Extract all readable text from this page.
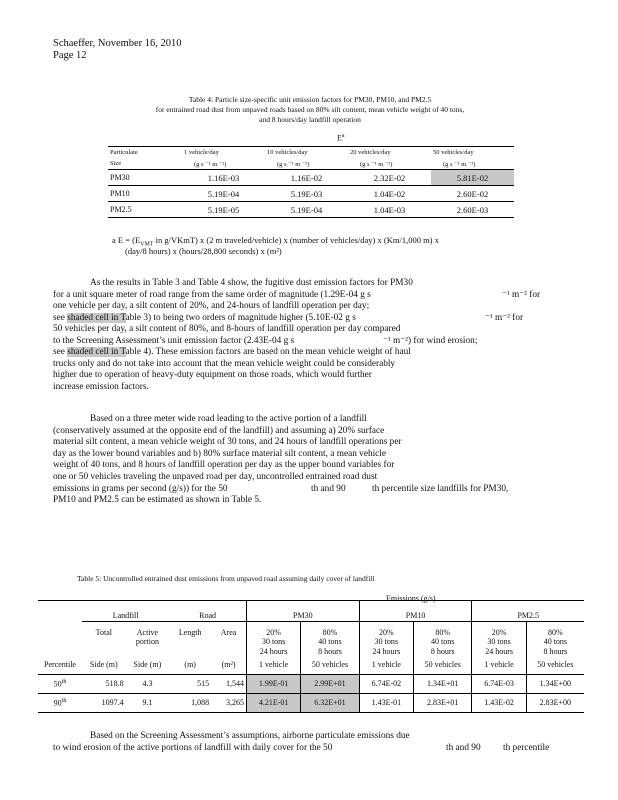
Schaeffer, November 16, 2010
Page 12
Table 4: Particle size-specific unit emission factors for PM30, PM10, and PM2.5
for entrained road dust from unpaved roads based on 80% silt content, mean vehicle weight of 40 tons,
and 8 hours/day landfill operation
$E^a$
Particulate	1 vehicle/day	10 vehicles/day	20 vehicles/day	50 vehicles/day
Size	(g s ⁻¹ m ⁻²)	(g s ⁻¹ m ⁻²)	(g s ⁻¹ m ⁻²)	(g s ⁻¹ m ⁻²)
PM30	1.16E-03	1.16E-02	2.32E-02	5.81E-02
PM10	5.19E-04	5.19E-03	1.04E-02	2.60E-02
PM2.5	5.19E-05	5.19E-04	1.04E-03	2.60E-03
a $E = (E_{VMT}$ in g/VKmT) x (2 m traveled/vehicle) x (number of vehicles/day) x (Km/1,000 m) x
(day/8 hours) x (hours/28,800 seconds) x (m²)
As the results in Table 3 and Table 4 show, the fugitive dust emission factors for PM30
for a unit square meter of road range from the same order of magnitude (1.29E-04 g s	⁻¹ m⁻² for
one vehicle per day, a silt content of 20%, and 24-hours of landfill operation per day;
see shaded cell in Table 3) to being two orders of magnitude higher (5.10E-02 g s	⁻¹ m⁻² for
50 vehicles per day, a silt content of 80%, and 8-hours of landfill operation per day compared
to the Screening Assessment’s unit emission factor (2.43E-04 g s	⁻¹ m⁻²) for wind erosion;
see shaded cell in Table 4). These emission factors are based on the mean vehicle weight of haul
trucks only and do not take into account that the mean vehicle weight could be considerably
higher due to operation of heavy-duty equipment on those roads, which would further
increase emission factors.
Based on a three meter wide road leading to the active portion of a landfill
(conservatively assumed at the opposite end of the landfill) and assuming a) 20% surface
material silt content, a mean vehicle weight of 30 tons, and 24 hours of landfill operations per
day as the lower bound variables and b) 80% surface material silt content, a mean vehicle
weight of 40 tons, and 8 hours of landfill operation per day as the upper bound variables for
one or 50 vehicles traveling the unpaved road per day, uncontrolled entrained road dust
emissions in grams per second (g/s)) for the 50	th and 90	th percentile size landfills for PM30,
PM10 and PM2.5 can be estimated as shown in Table 5.
Table 5: Uncontrolled entrained dust emissions from unpaved road assuming daily cover of landfill
Emissions (g/s)
	Landfill		Road		PM30		PM10		PM2.5	
	Total	Active
portion	Length	Area	20%
30 tons
24 hours	80%
40 tons
8 hours	20%
30 tons
24 hours	80%
40 tons
8 hours	20%
30 tons
24 hours	80%
40 tons
8 hours
Percentile	Side (m)	Side (m)	(m)	(m²)	1 vehicle	50 vehicles	1 vehicle	50 vehicles	1 vehicle	50 vehicles
50th	518.8	4.3	515	1,544	1.99E-01	2.99E+01	6.74E-02	1.34E+01	6.74E-03	1.34E+00
90th	1097.4	9.1	1,088	3,265	4.21E-01	6.32E+01	1.43E-01	2.83E+01	1.43E-02	2.83E+00
Based on the Screening Assessment’s assumptions, airborne particulate emissions due
to wind erosion of the active portions of landfill with daily cover for the 50	th and 90 th percentile
